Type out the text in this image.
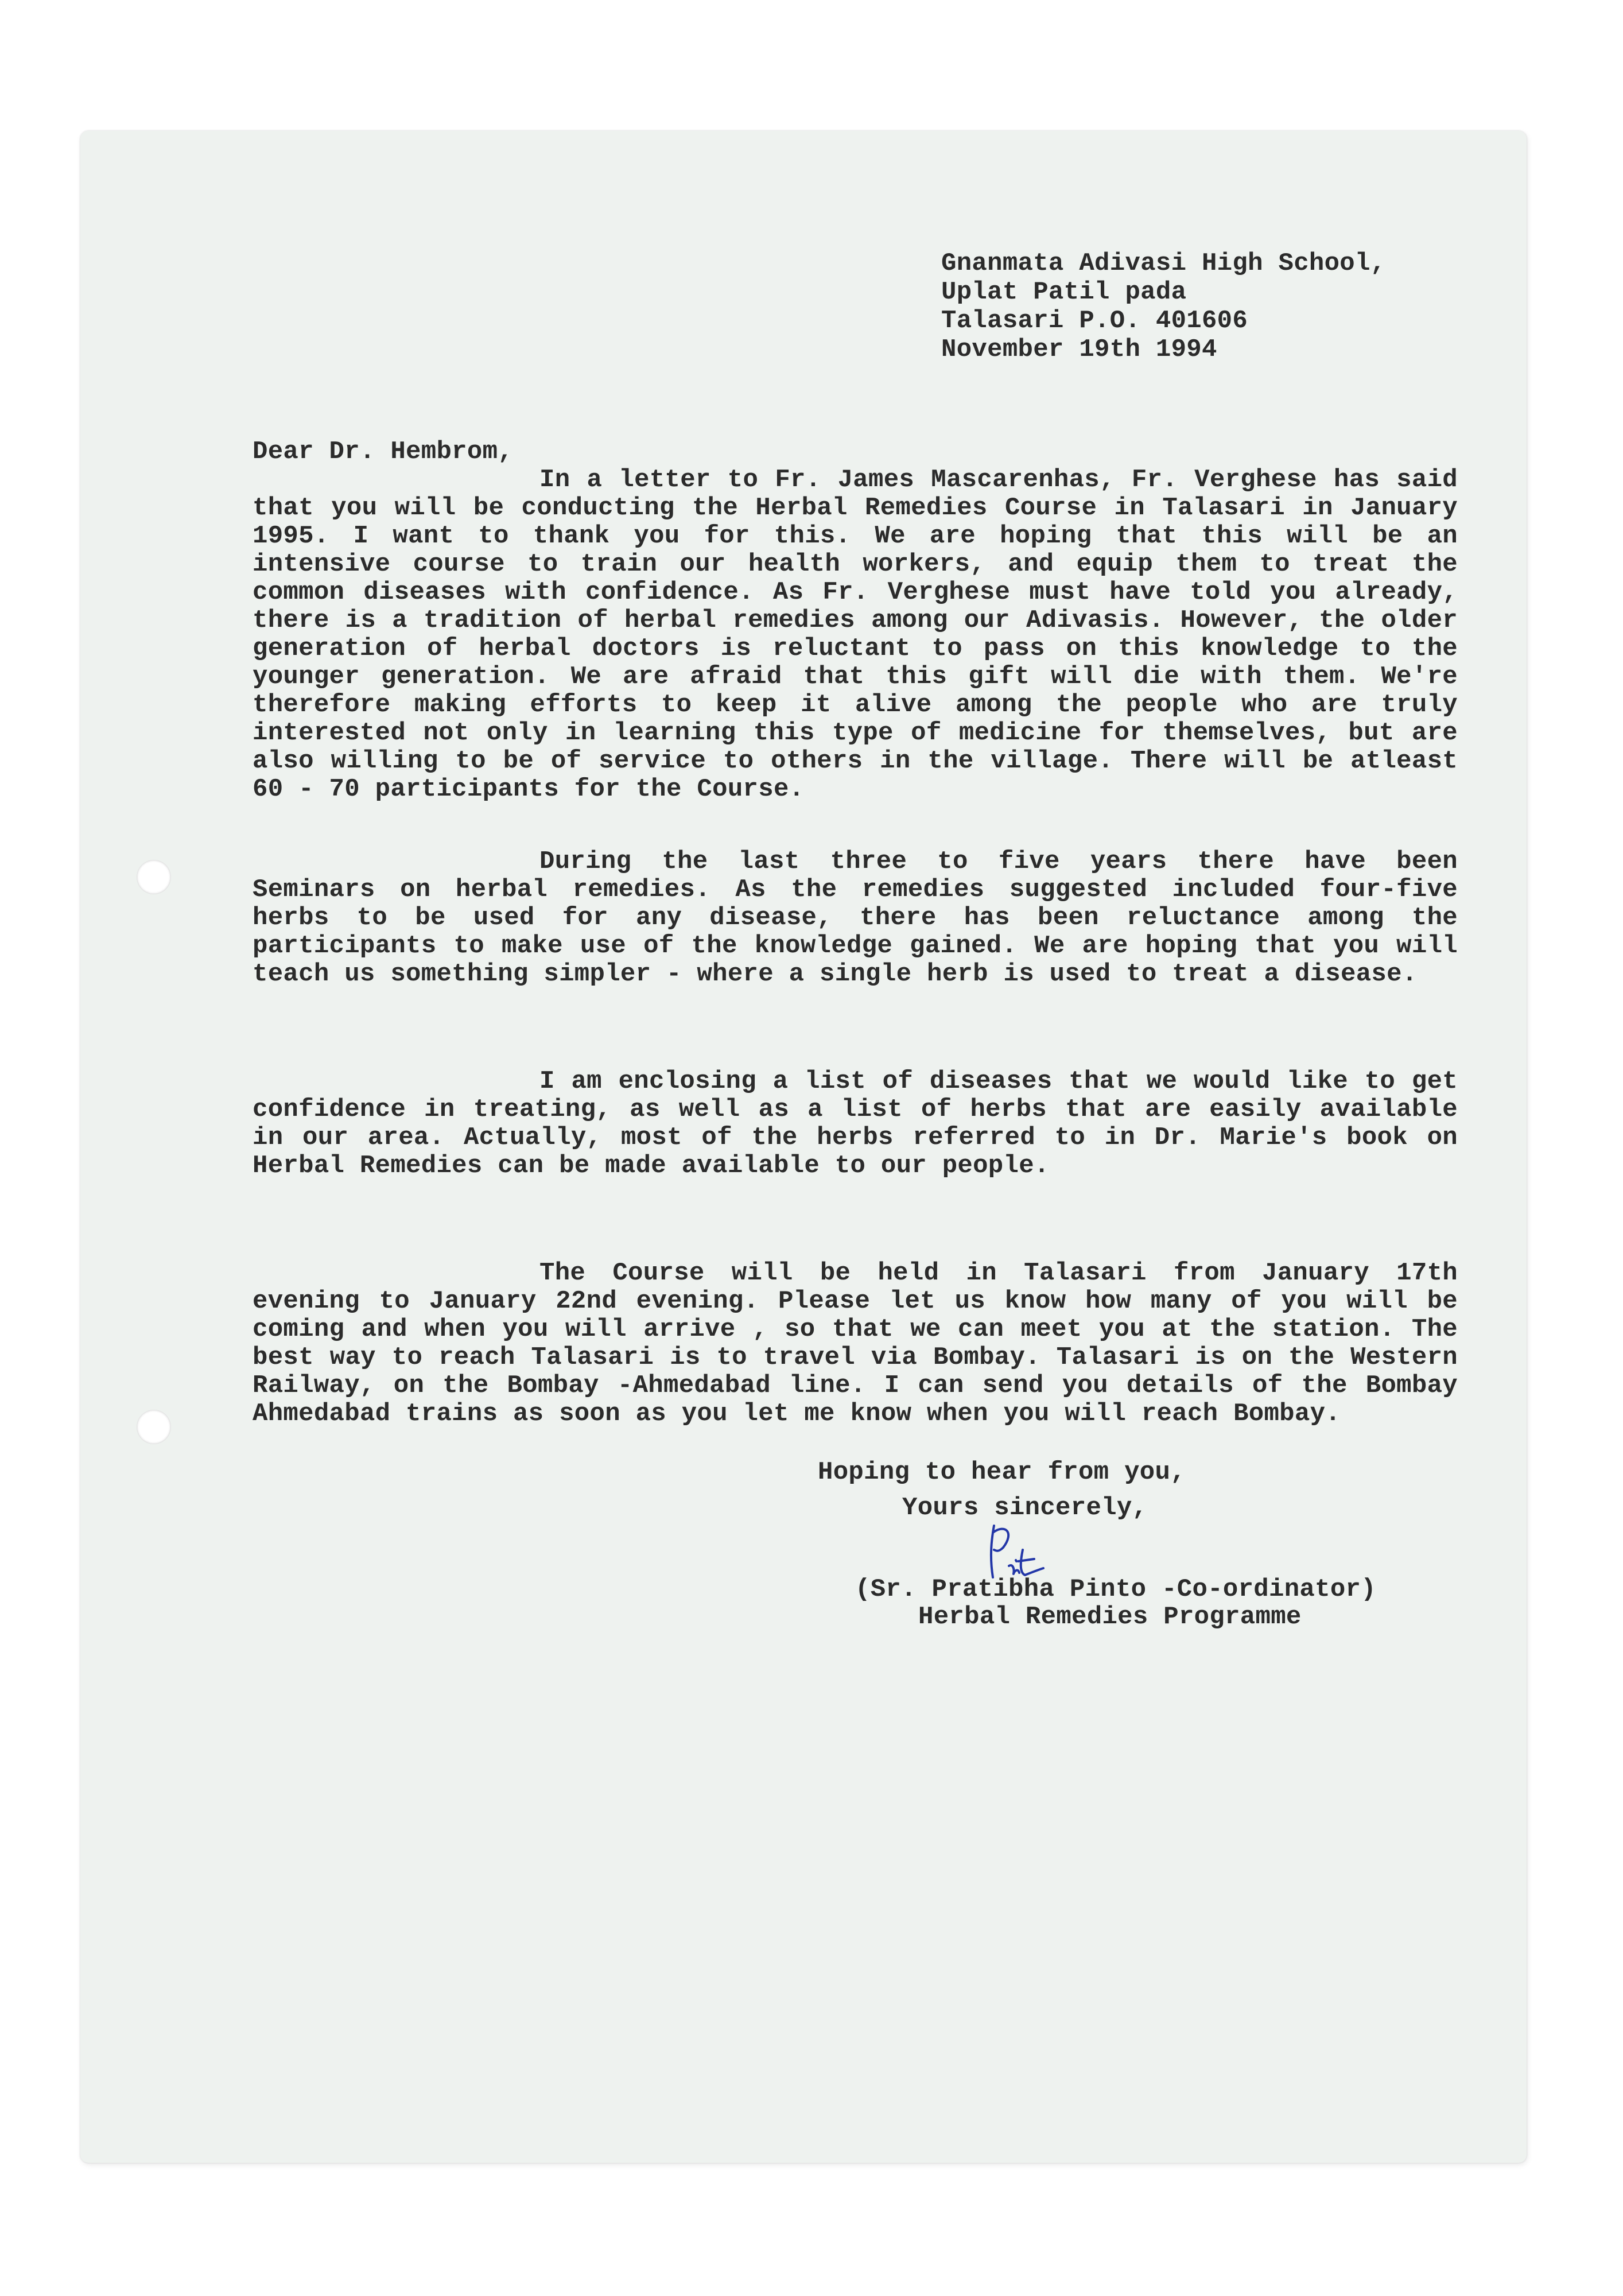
Gnanmata Adivasi High School,
Uplat Patil pada
Talasari P.O. 401606
November 19th 1994
Dear Dr. Hembrom,

In a letter to Fr. James Mascarenhas, Fr. Verghese has said that you will be conducting the Herbal Remedies Course in Talasari in January 1995. I want to thank you for this. We are hoping that this will be an intensive course to train our health workers, and equip them to treat the common diseases with confidence. As Fr. Verghese must have told you already, there is a tradition of herbal remedies among our Adivasis. However, the older generation of herbal doctors is reluctant to pass on this knowledge to the younger generation. We are afraid that this gift will die with them. We're therefore making efforts to keep it alive among the people who are truly interested not only in learning this type of medicine for themselves, but are also willing to be of service to others in the village. There will be atleast 60 - 70 participants for the Course.

During the last three to five years there have been Seminars on herbal remedies. As the remedies suggested included four-five herbs to be used for any disease, there has been reluctance among the participants to make use of the knowledge gained. We are hoping that you will teach us something simpler - where a single herb is used to treat a disease.

I am enclosing a list of diseases that we would like to get confidence in treating, as well as a list of herbs that are easily available in our area. Actually, most of the herbs referred to in Dr. Marie's book on Herbal Remedies can be made available to our people.

The Course will be held in Talasari from January 17th evening to January 22nd evening. Please let us know how many of you will be coming and when you will arrive , so that we can meet you at the station. The best way to reach Talasari is to travel via Bombay. Talasari is on the Western Railway, on the Bombay -Ahmedabad line. I can send you details of the Bombay Ahmedabad trains as soon as you let me know when you will reach Bombay.

Hoping to hear from you,
Yours sincerely,
(Sr. Pratibha Pinto -Co-ordinator)
Herbal Remedies Programme
